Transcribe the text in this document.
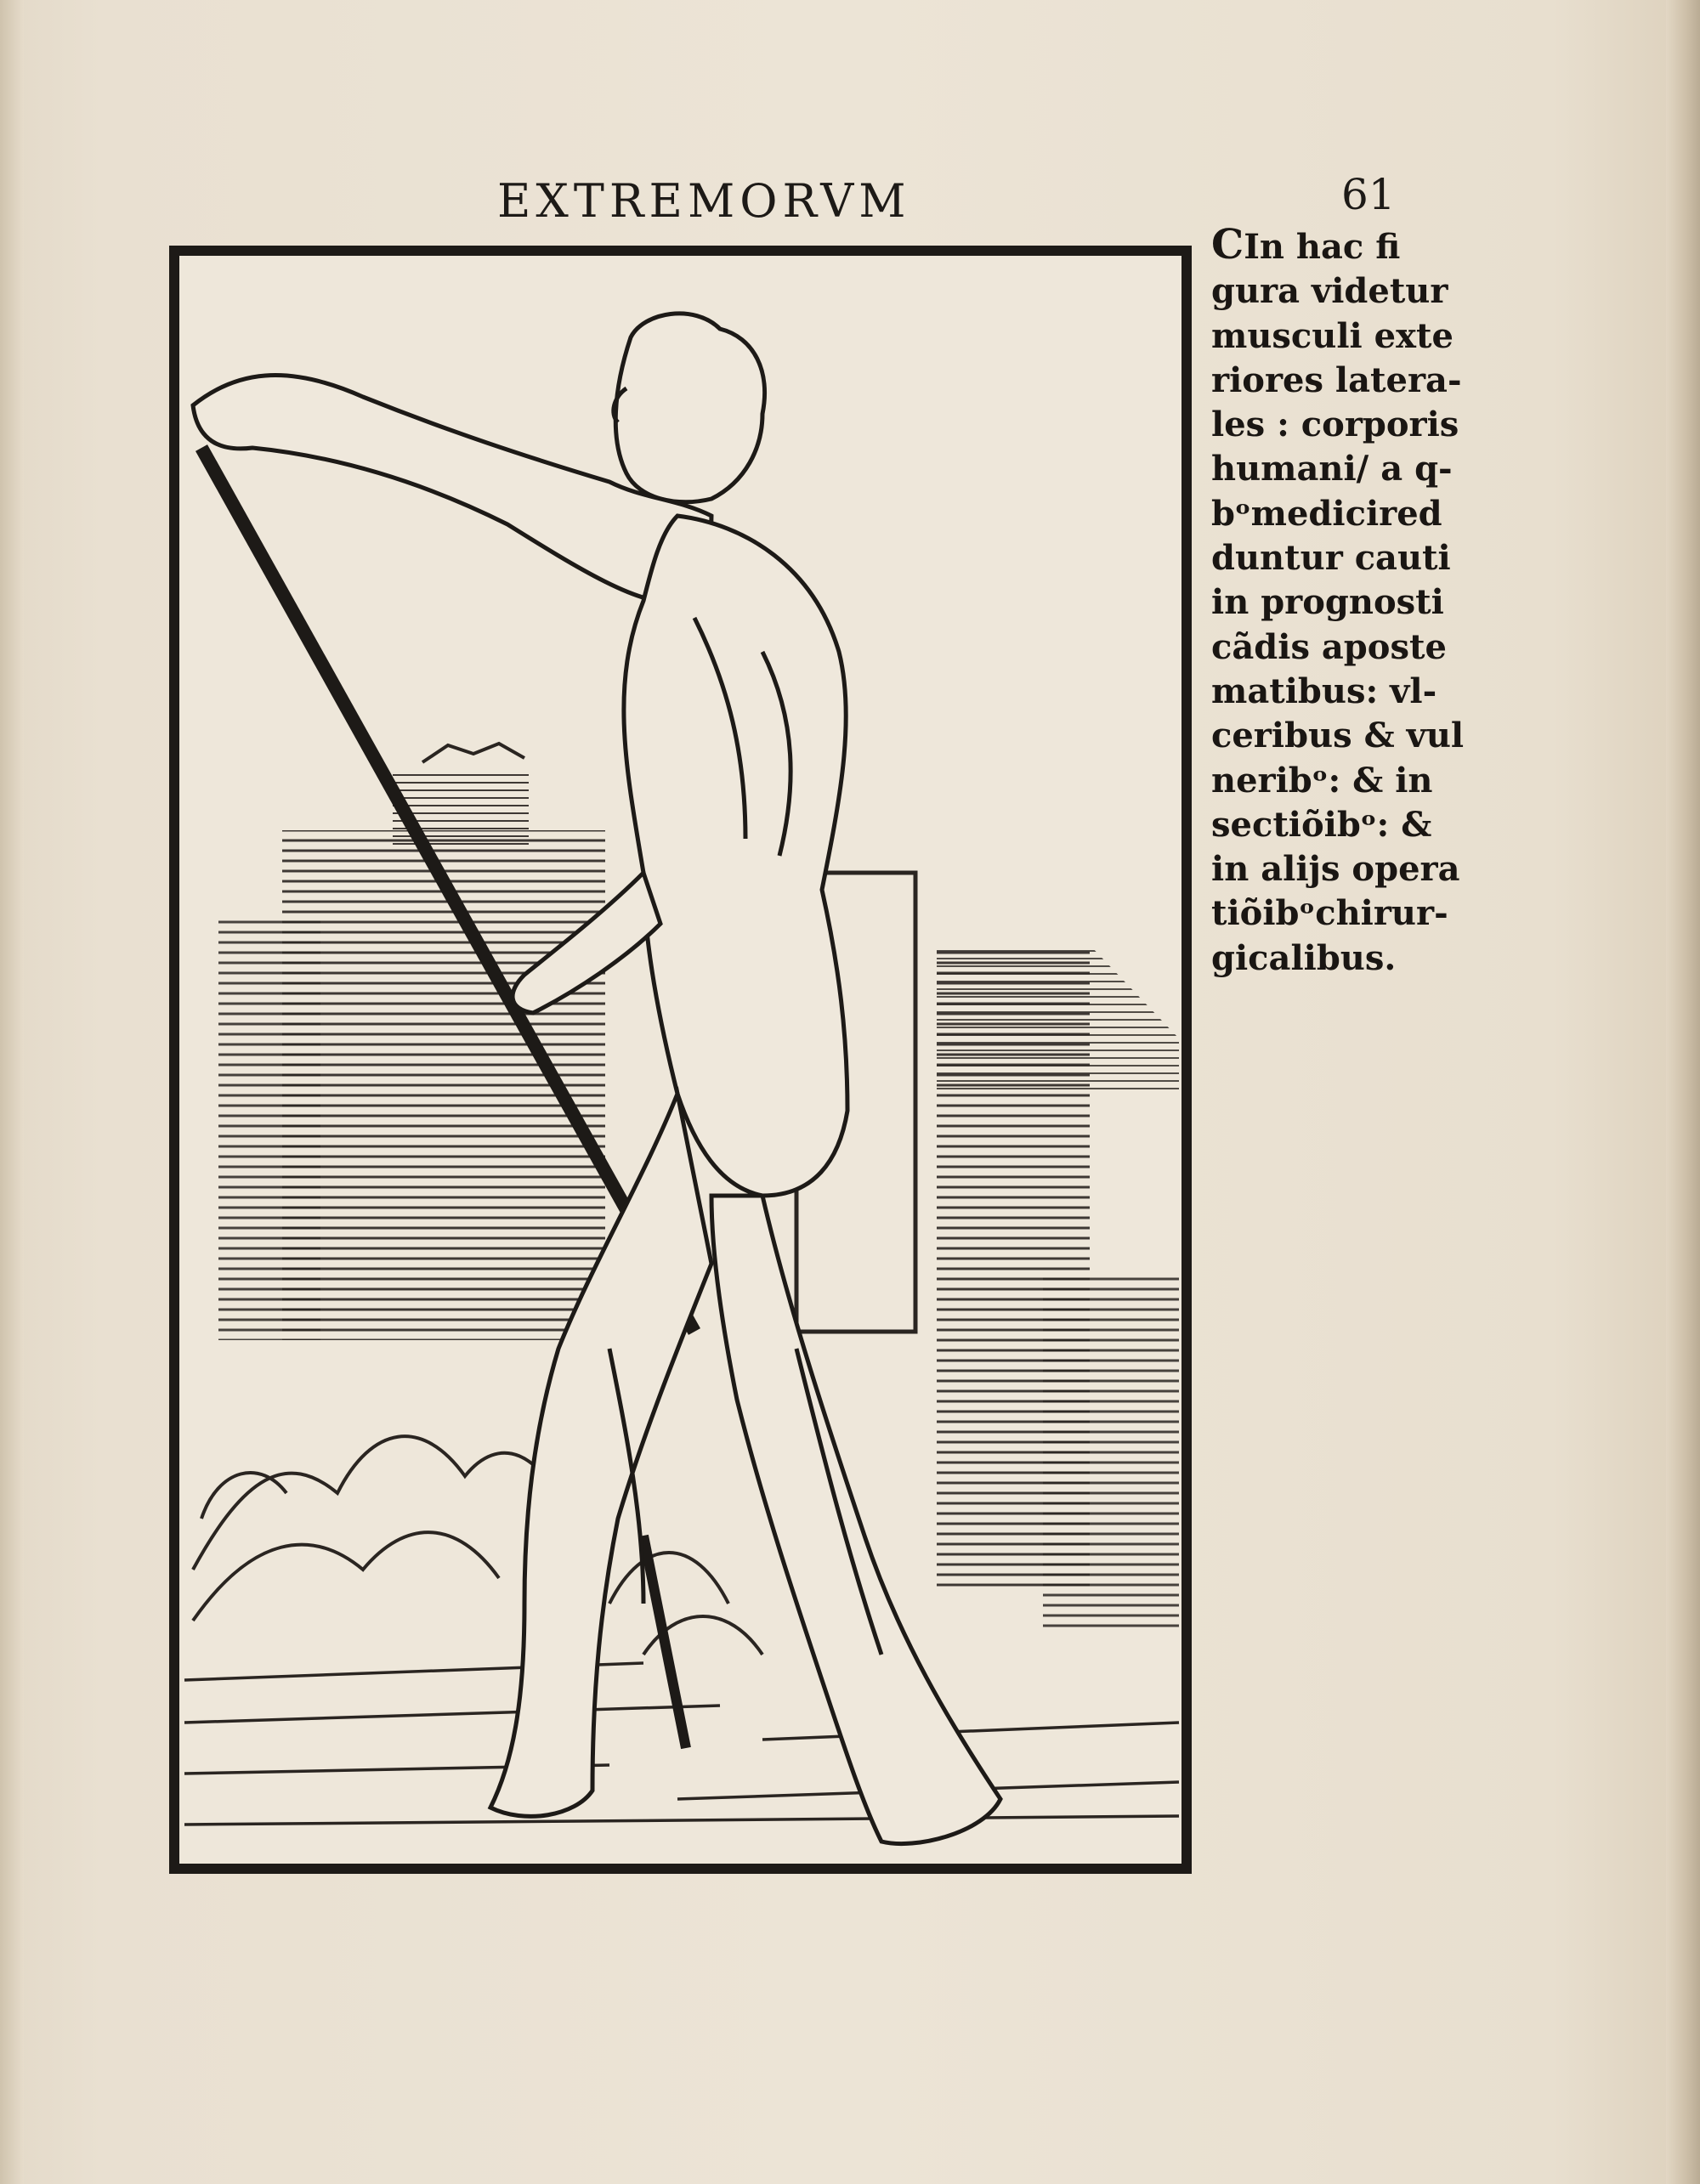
EXTREMORVM	61
CIn hac fi
gura videtur
musculi exte
riores latera‑
les : corporis
humani/ a q‑
bᵒmedicired
duntur cauti
in prognosti
cãdis aposte
matibus: vl‑
ceribus & vul
neribᵒ: & in
sectiõibᵒ: &
in alijs opera
tiõibᵒchirur‑
gicalibus.
